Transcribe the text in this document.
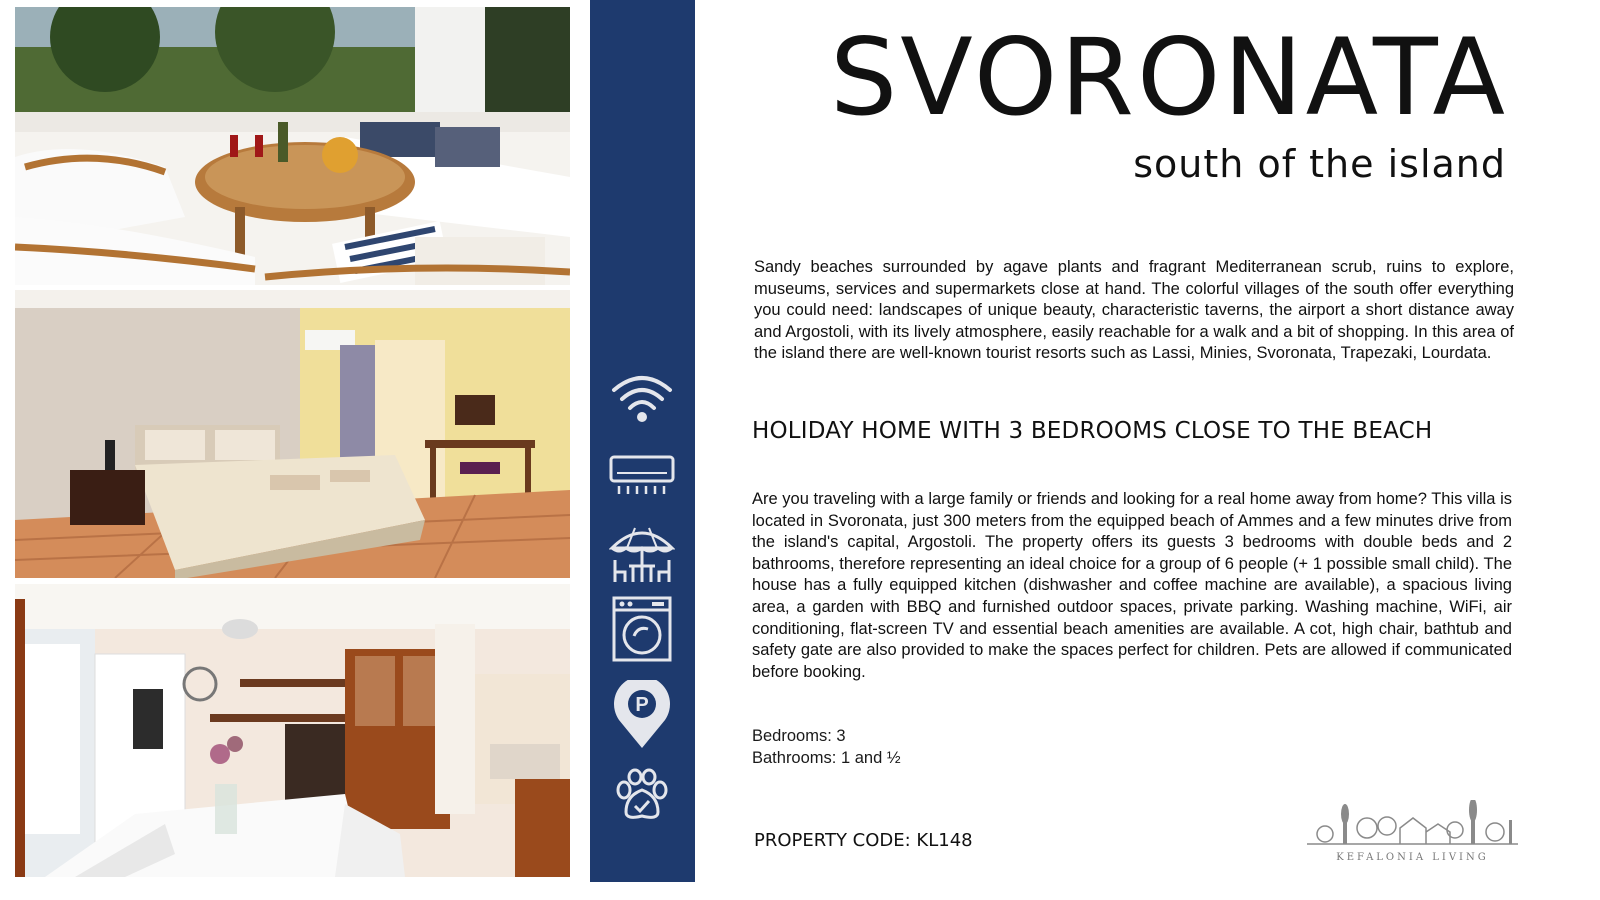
P
SVORONATA
south of the island

Sandy beaches surrounded by agave plants and fragrant Mediterranean scrub, ruins to explore, museums, services and supermarkets close at hand. The colorful villages of the south offer everything you could need: landscapes of unique beauty, characteristic taverns, the airport a short distance away and Argostoli, with its lively atmosphere, easily reachable for a walk and a bit of shopping. In this area of the island there are well-known tourist resorts such as Lassi, Minies, Svoronata, Trapezaki, Lourdata.

HOLIDAY HOME WITH 3 BEDROOMS CLOSE TO THE BEACH

Are you traveling with a large family or friends and looking for a real home away from home? This villa is located in Svoronata, just 300 meters from the equipped beach of Ammes and a few minutes drive from the island's capital, Argostoli. The property offers its guests 3 bedrooms with double beds and 2 bathrooms, therefore representing an ideal choice for a group of 6 people (+ 1 possible small child). The house has a fully equipped kitchen (dishwasher and coffee machine are available), a spacious living area, a garden with BBQ and furnished outdoor spaces, private parking. Washing machine, WiFi, air conditioning, flat-screen TV and essential beach amenities are available. A cot, high chair, bathtub and safety gate are also provided to make the spaces perfect for children. Pets are allowed if communicated before booking.

Bedrooms: 3
Bathrooms: 1 and ½
PROPERTY CODE: KL148
KEFALONIA LIVING
